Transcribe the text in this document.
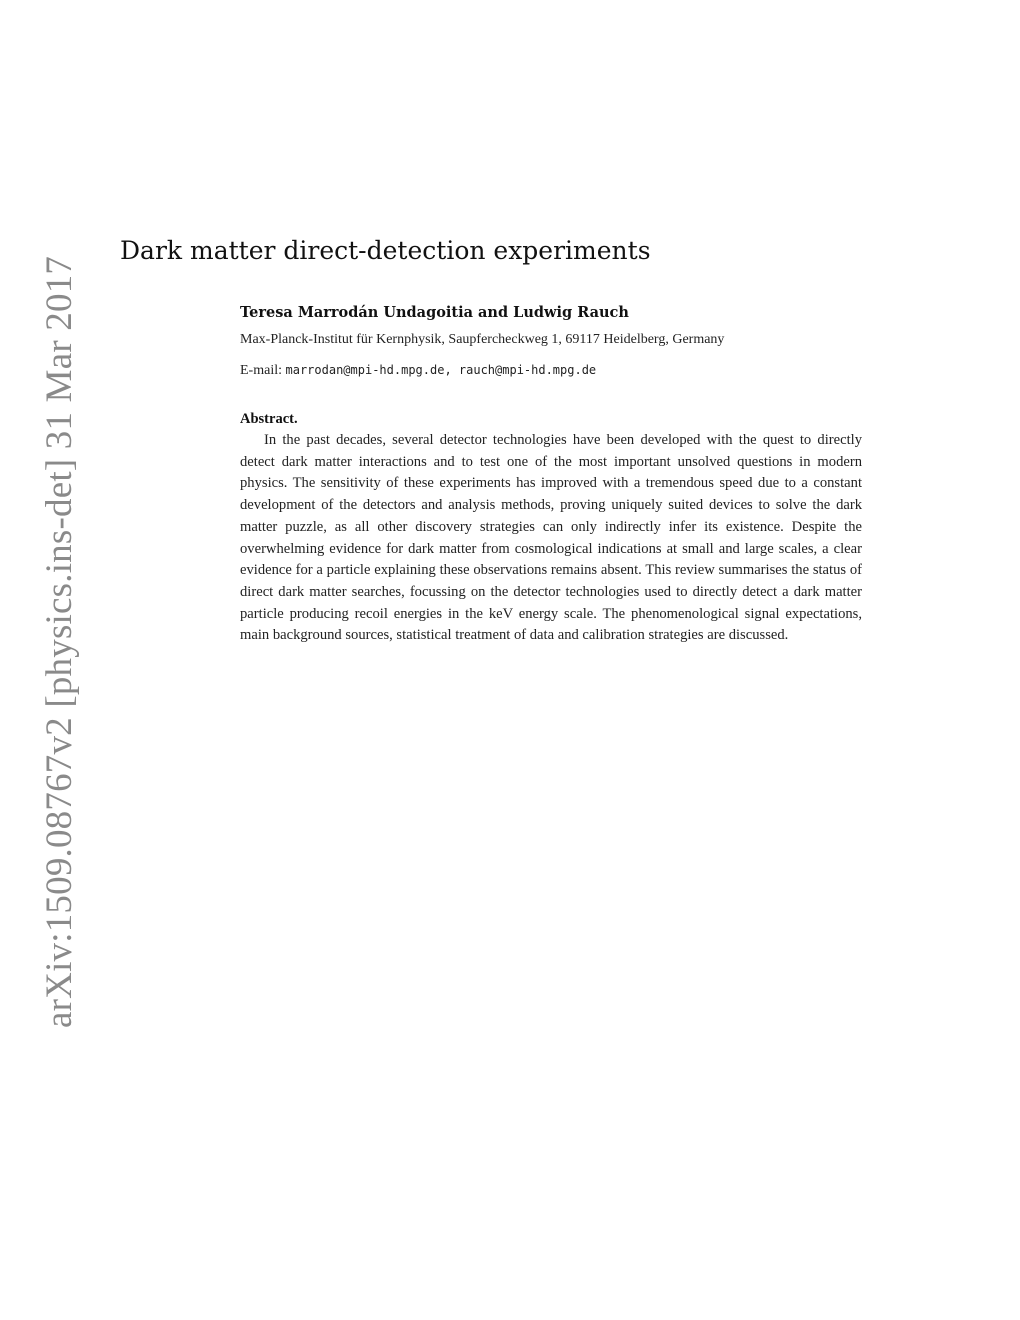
arXiv:1509.08767v2 [physics.ins-det] 31 Mar 2017
Dark matter direct-detection experiments
Teresa Marrodán Undagoitia and Ludwig Rauch
Max-Planck-Institut für Kernphysik, Saupfercheckweg 1, 69117 Heidelberg, Germany
E-mail: marrodan@mpi-hd.mpg.de, rauch@mpi-hd.mpg.de
Abstract.

In the past decades, several detector technologies have been developed with the quest to directly detect dark matter interactions and to test one of the most important unsolved questions in modern physics. The sensitivity of these experiments has improved with a tremendous speed due to a constant development of the detectors and analysis methods, proving uniquely suited devices to solve the dark matter puzzle, as all other discovery strategies can only indirectly infer its existence. Despite the overwhelming evidence for dark matter from cosmological indications at small and large scales, a clear evidence for a particle explaining these observations remains absent. This review summarises the status of direct dark matter searches, focussing on the detector technologies used to directly detect a dark matter particle producing recoil energies in the keV energy scale. The phenomenological signal expectations, main background sources, statistical treatment of data and calibration strategies are discussed.
